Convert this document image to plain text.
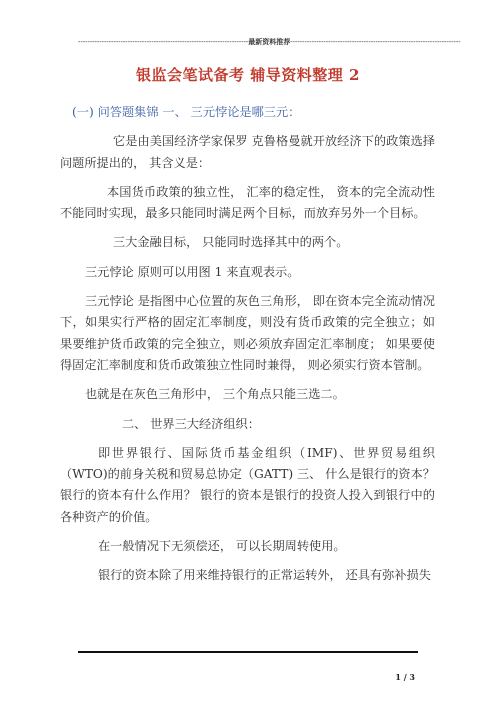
------------------------------------------------------------------------最新资料推荐------------------------------------------------------------------------
银监会笔试备考 辅导资料整理 2

(一) 问答题集锦 一、 三元悖论是哪三元：

它是由美国经济学家保罗 克鲁格曼就开放经济下的政策选择问题所提出的， 其含义是：

本国货币政策的独立性， 汇率的稳定性， 资本的完全流动性不能同时实现，最多只能同时满足两个目标，而放弃另外一个目标。

三大金融目标， 只能同时选择其中的两个。

三元悖论 原则可以用图 1 来直观表示。

三元悖论 是指图中心位置的灰色三角形， 即在资本完全流动情况下，如果实行严格的固定汇率制度，则没有货币政策的完全独立；如果要维护货币政策的完全独立，则必须放弃固定汇率制度； 如果要使得固定汇率制度和货币政策独立性同时兼得， 则必须实行资本管制。

也就是在灰色三角形中， 三个角点只能三选二。

二、 世界三大经济组织：

即世界银行、国际货币基金组织（IMF)、世界贸易组织（WTO)的前身关税和贸易总协定（GATT) 三、 什么是银行的资本？ 银行的资本有什么作用？ 银行的资本是银行的投资人投入到银行中的各种资产的价值。

在一般情况下无须偿还， 可以长期周转使用。

银行的资本除了用来维持银行的正常运转外， 还具有弥补损失

1 / 3
